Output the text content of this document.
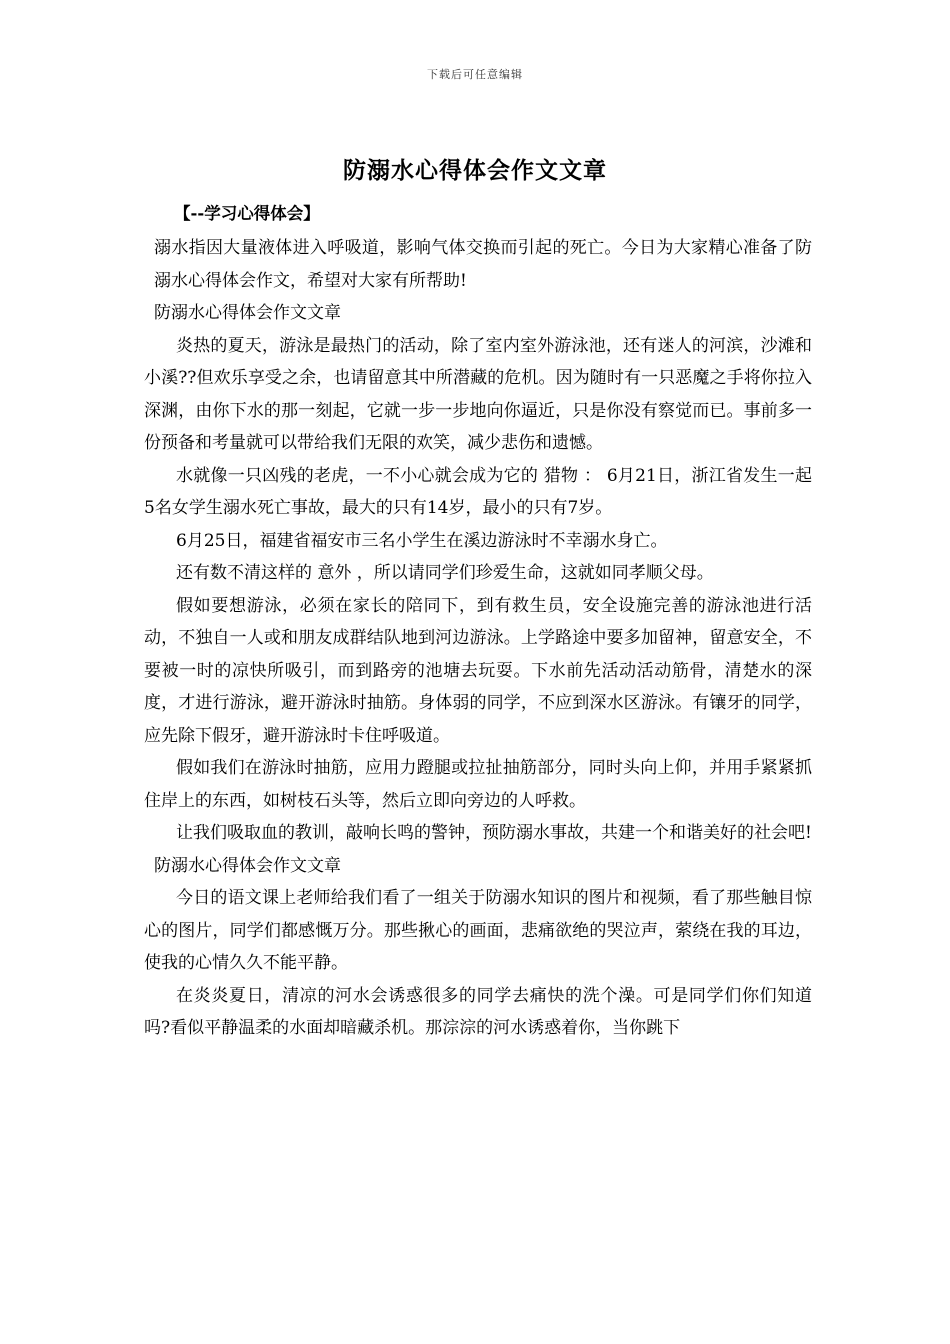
下载后可任意编辑
防溺水心得体会作文文章
【--学习心得体会】

溺水指因大量液体进入呼吸道，影响气体交换而引起的死亡。今日为大家精心准备了防溺水心得体会作文，希望对大家有所帮助!

防溺水心得体会作文文章

炎热的夏天，游泳是最热门的活动，除了室内室外游泳池，还有迷人的河滨，沙滩和小溪??但欢乐享受之余，也请留意其中所潜藏的危机。因为随时有一只恶魔之手将你拉入深渊，由你下水的那一刻起，它就一步一步地向你逼近，只是你没有察觉而已。事前多一份预备和考量就可以带给我们无限的欢笑，减少悲伤和遗憾。

水就像一只凶残的老虎，一不小心就会成为它的 猎物 ： 6月21日，浙江省发生一起5名女学生溺水死亡事故，最大的只有14岁，最小的只有7岁。

6月25日，福建省福安市三名小学生在溪边游泳时不幸溺水身亡。

还有数不清这样的 意外 ，所以请同学们珍爱生命，这就如同孝顺父母。

假如要想游泳，必须在家长的陪同下，到有救生员，安全设施完善的游泳池进行活动，不独自一人或和朋友成群结队地到河边游泳。上学路途中要多加留神，留意安全，不要被一时的凉快所吸引，而到路旁的池塘去玩耍。下水前先活动活动筋骨，清楚水的深度，才进行游泳，避开游泳时抽筋。身体弱的同学，不应到深水区游泳。有镶牙的同学，应先除下假牙，避开游泳时卡住呼吸道。

假如我们在游泳时抽筋，应用力蹬腿或拉扯抽筋部分，同时头向上仰，并用手紧紧抓住岸上的东西，如树枝石头等，然后立即向旁边的人呼救。

让我们吸取血的教训，敲响长鸣的警钟，预防溺水事故，共建一个和谐美好的社会吧!

防溺水心得体会作文文章

今日的语文课上老师给我们看了一组关于防溺水知识的图片和视频，看了那些触目惊心的图片，同学们都感慨万分。那些揪心的画面，悲痛欲绝的哭泣声，萦绕在我的耳边，使我的心情久久不能平静。

在炎炎夏日，清凉的河水会诱惑很多的同学去痛快的洗个澡。可是同学们你们知道吗?看似平静温柔的水面却暗藏杀机。那淙淙的河水诱惑着你，当你跳下
